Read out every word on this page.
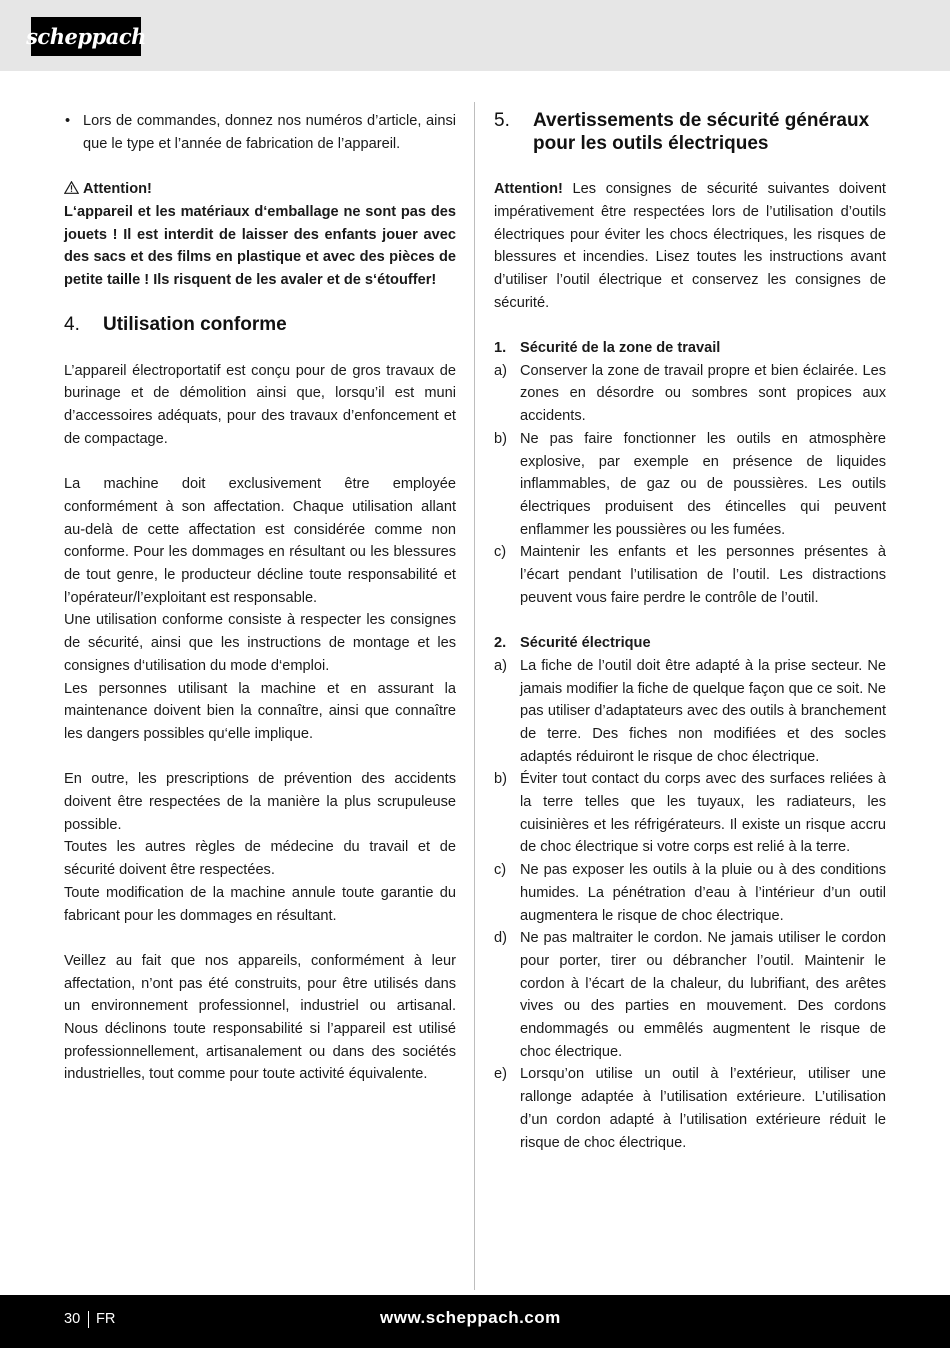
scheppach
• Lors de commandes, donnez nos numéros d’article, ainsi que le type et l’année de fabrication de l’appareil.
Attention!
L‘appareil et les matériaux d‘emballage ne sont pas des jouets ! Il est interdit de laisser des enfants jouer avec des sacs et des films en plastique et avec des pièces de petite taille ! Ils risquent de les avaler et de s‘étouffer!
4.	Utilisation conforme
L’appareil électroportatif est conçu pour de gros travaux de burinage et de démolition ainsi que, lorsqu’il est muni d’accessoires adéquats, pour des travaux d’enfoncement et de compactage.
La machine doit exclusivement être employée conformément à son affectation. Chaque utilisation allant au-delà de cette affectation est considérée comme non conforme. Pour les dommages en résultant ou les blessures de tout genre, le producteur décline toute responsabilité et l’opérateur/l’exploitant est responsable.
Une utilisation conforme consiste à respecter les consignes de sécurité, ainsi que les instructions de montage et les consignes d‘utilisation du mode d‘emploi.
Les personnes utilisant la machine et en assurant la maintenance doivent bien la connaître, ainsi que connaître les dangers possibles qu‘elle implique.
En outre, les prescriptions de prévention des accidents doivent être respectées de la manière la plus scrupuleuse possible.
Toutes les autres règles de médecine du travail et de sécurité doivent être respectées.
Toute modification de la machine annule toute garantie du fabricant pour les dommages en résultant.
Veillez au fait que nos appareils, conformément à leur affectation, n’ont pas été construits, pour être utilisés dans un environnement professionnel, industriel ou artisanal. Nous déclinons toute responsabilité si l’appareil est utilisé professionnellement, artisanalement ou dans des sociétés industrielles, tout comme pour toute activité équivalente.
5.	Avertissements de sécurité généraux pour les outils électriques
Attention! Les consignes de sécurité suivantes doivent impérativement être respectées lors de l’utilisation d’outils électriques pour éviter les chocs électriques, les risques de blessures et incendies. Lisez toutes les instructions avant d’utiliser l’outil électrique et conservez les consignes de sécurité.
1. Sécurité de la zone de travail
a) Conserver la zone de travail propre et bien éclairée. Les zones en désordre ou sombres sont propices aux accidents.
b) Ne pas faire fonctionner les outils en atmosphère explosive, par exemple en présence de liquides inflammables, de gaz ou de poussières. Les outils électriques produisent des étincelles qui peuvent enflammer les poussières ou les fumées.
c) Maintenir les enfants et les personnes présentes à l’écart pendant l’utilisation de l’outil. Les distractions peuvent vous faire perdre le contrôle de l’outil.
2. Sécurité électrique
a) La fiche de l’outil doit être adapté à la prise secteur. Ne jamais modifier la fiche de quelque façon que ce soit. Ne pas utiliser d’adaptateurs avec des outils à branchement de terre. Des fiches non modifiées et des socles adaptés réduiront le risque de choc électrique.
b) Éviter tout contact du corps avec des surfaces reliées à la terre telles que les tuyaux, les radiateurs, les cuisinières et les réfrigérateurs. Il existe un risque accru de choc électrique si votre corps est relié à la terre.
c) Ne pas exposer les outils à la pluie ou à des conditions humides. La pénétration d’eau à l’intérieur d’un outil augmentera le risque de choc électrique.
d) Ne pas maltraiter le cordon. Ne jamais utiliser le cordon pour porter, tirer ou débrancher l’outil. Maintenir le cordon à l’écart de la chaleur, du lubrifiant, des arêtes vives ou des parties en mouvement. Des cordons endommagés ou emmêlés augmentent le risque de choc électrique.
e) Lorsqu’on utilise un outil à l’extérieur, utiliser une rallonge adaptée à l’utilisation extérieure. L’utilisation d’un cordon adapté à l’utilisation extérieure réduit le risque de choc électrique.
30 FR	www.scheppach.com
